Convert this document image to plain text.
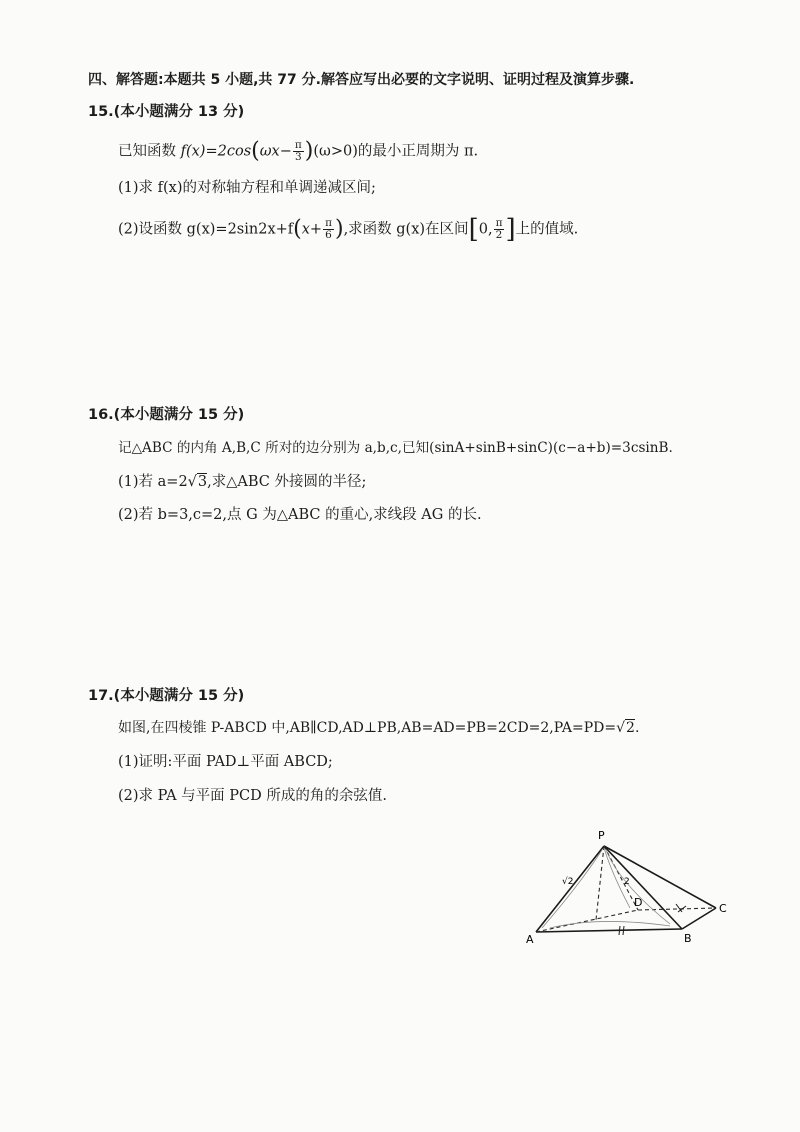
四、解答题:本题共 5 小题,共 77 分.解答应写出必要的文字说明、证明过程及演算步骤.
15.(本小题满分 13 分)
已知函数 $f(x)=2\cos(\omega x- \frac{\pi}{3} )(\omega>0)$的最小正周期为 π.
(1)求 f(x)的对称轴方程和单调递减区间;
(2)设函数 $g(x)=2\sin 2x+f(x+ \frac{\pi}{6}$ ),求函数 g(x)在区间[0, $\frac{\pi}{2}$ ]上的值域.
16.(本小题满分 15 分)
记△ABC 的内角 A,B,C 所对的边分别为 a,b,c,已知(sinA+sinB+sinC)(c−a+b)=3csinB.
(1)若 a=2√3,求△ABC 外接圆的半径;
(2)若 b=3,c=2,点 G 为△ABC 的重心,求线段 AG 的长.
17.(本小题满分 15 分)
如图,在四棱锥 P-ABCD 中,AB∥CD,AD⊥PB,AB=AD=PB=2CD=2,PA=PD=√2.
(1)证明:平面 PAD⊥平面 ABCD;
(2)求 PA 与平面 PCD 所成的角的余弦值.
P
A	B
C
D
√2	2
